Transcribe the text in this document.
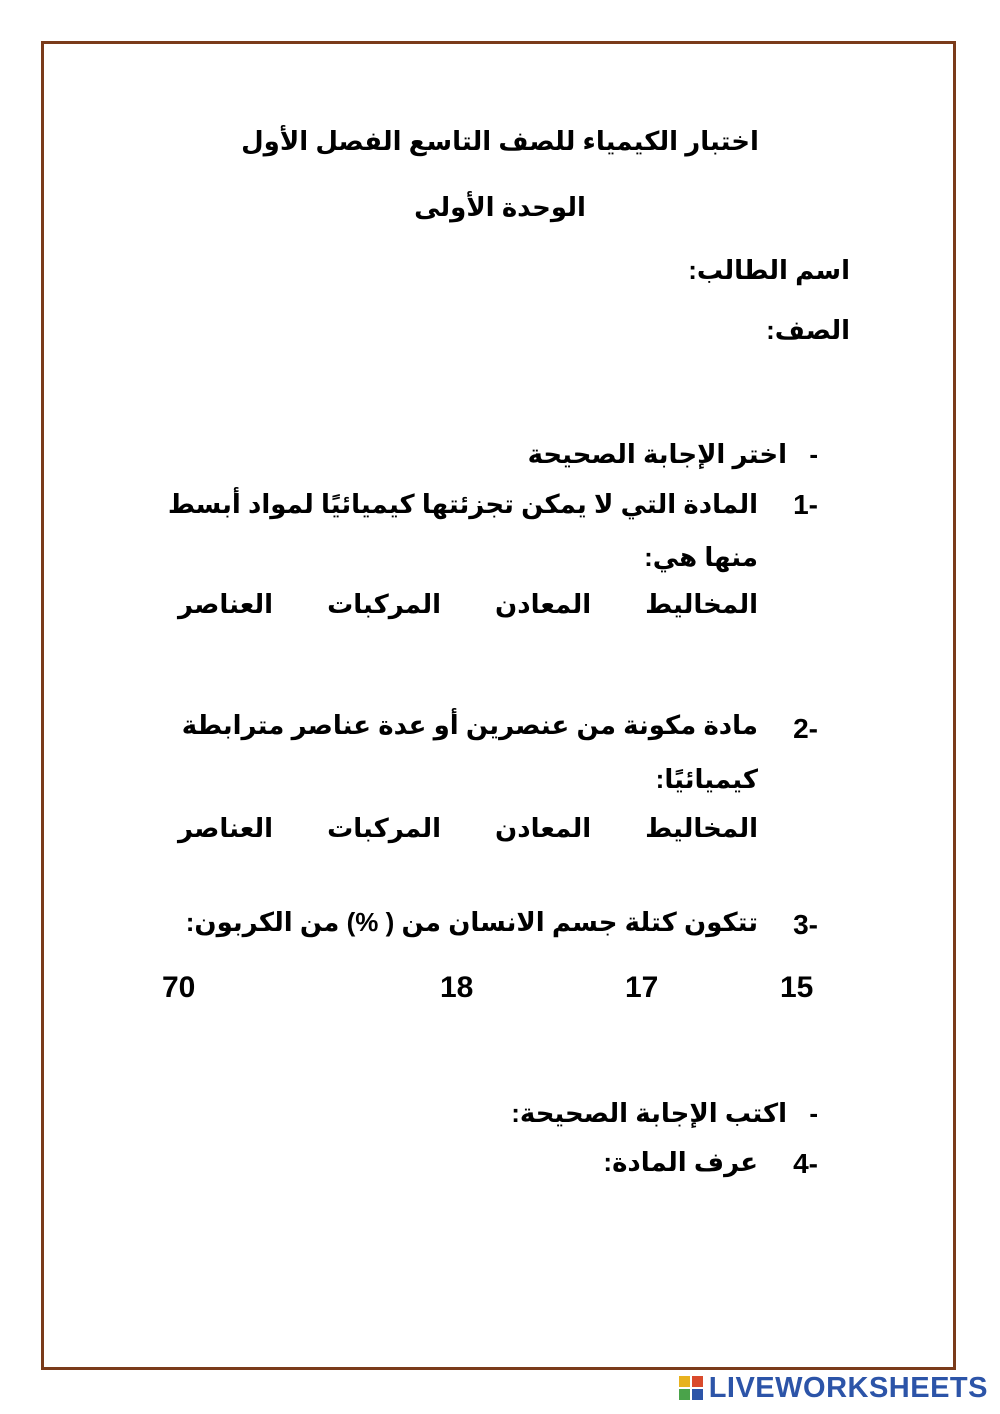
اختبار الكيمياء للصف التاسع الفصل الأول
الوحدة الأولى
اسم الطالب:
الصف:
-
اختر الإجابة الصحيحة
1-
المادة التي لا يمكن تجزئتها كيميائيًا لمواد أبسط
منها هي:
العناصر المركبات المعادن المخاليط
2-
مادة مكونة من عنصرين أو عدة عناصر مترابطة
كيميائيًا:
العناصر المركبات المعادن المخاليط
3-
تتكون كتلة جسم الانسان من ( %) من الكربون:
15
17
18
70
-
اكتب الإجابة الصحيحة:
4-
عرف المادة:
LIVEWORKSHEETS
